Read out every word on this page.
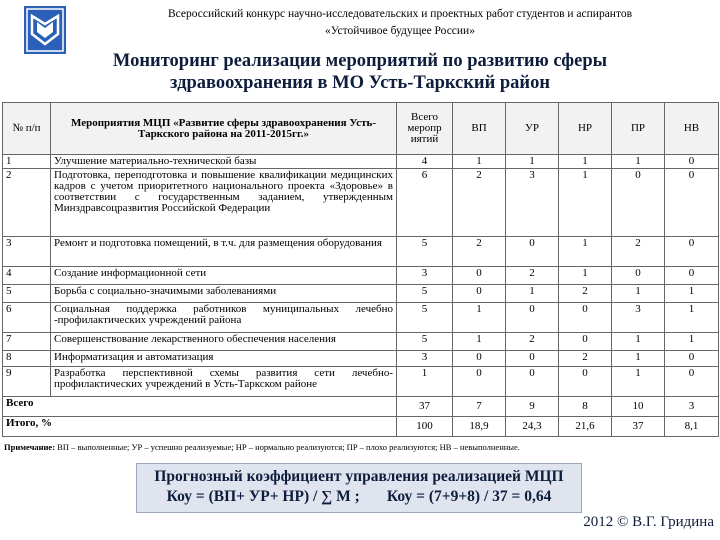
Всероссийский конкурс научно-исследовательских и проектных работ студентов и аспирантов
«Устойчивое будущее России»
Мониторинг реализации мероприятий по развитию сферы
здравоохранения в МО Усть-Таркский район
№ п/п	Мероприятия МЦП «Развитие сферы здравоохранения Усть-Таркского района на 2011-2015гг.»	Всего меропр иятий	ВП	УР	НР	ПР	НВ
1	Улучшение материально-технической базы	4	1	1	1	1	0
2	Подготовка, переподготовка и повышение квалификации медицинских кадров с учетом приоритетного национального проекта «Здоровье» в соответствии с государственным заданием, утвержденным Минздравсоцразвития Российской Федерации	6	2	3	1	0	0
3	Ремонт и подготовка помещений, в т.ч. для размещения оборудования	5	2	0	1	2	0
4	Создание информационной сети	3	0	2	1	0	0
5	Борьба с социально-значимыми заболеваниями	5	0	1	2	1	1
6	Социальная поддержка работников муниципальных лечебно -профилактических учреждений района	5	1	0	0	3	1
7	Совершенствование лекарственного обеспечения населения	5	1	2	0	1	1
8	Информатизация и автоматизация	3	0	0	2	1	0
9	Разработка перспективной схемы развития сети лечебно-профилактических учреждений в Усть-Таркском районе	1	0	0	0	1	0
Всего		37	7	9	8	10	3
Итого, %		100	18,9	24,3	21,6	37	8,1
Примечание: ВП – выполненные; УР – успешно реализуемые; НР – нормально реализуются; ПР – плохо реализуются; НВ – невыполненные.
Прогнозный коэффициент управления реализацией МЦП
Коу = (ВП+ УР+ НР) / ∑ М ;       Коу = (7+9+8) / 37 = 0,64
2012 © В.Г. Гридина
